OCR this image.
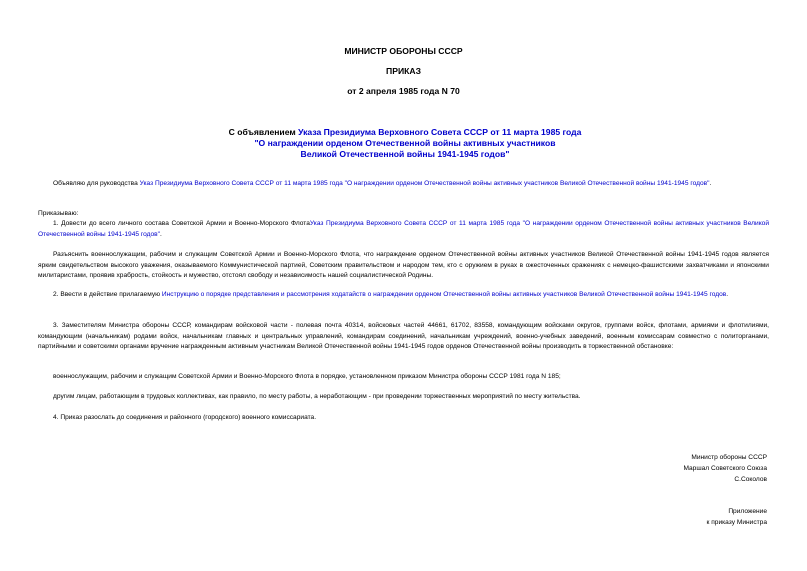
МИНИСТР ОБОРОНЫ СССР
ПРИКАЗ
от 2 апреля 1985 года N 70
С объявлением Указа Президиума Верховного Совета СССР от 11 марта 1985 года
"О награждении орденом Отечественной войны активных участников
Великой Отечественной войны 1941-1945 годов"
Объявляю для руководства Указ Президиума Верховного Совета СССР от 11 марта 1985 года "О награждении орденом Отечественной войны активных участников Великой Отечественной войны 1941-1945 годов".
Приказываю:
1. Довести до всего личного состава Советской Армии и Военно-Морского ФлотаУказ Президиума Верховного Совета СССР от 11 марта 1985 года "О награждении орденом Отечественной войны активных участников Великой Отечественной войны 1941-1945 годов".
Разъяснить военнослужащим, рабочим и служащим Советской Армии и Военно-Морского Флота, что награждение орденом Отечественной войны активных участников Великой Отечественной войны 1941-1945 годов является ярким свидетельством высокого уважения, оказываемого Коммунистической партией, Советским правительством и народом тем, кто с оружием в руках в ожесточенных сражениях с немецко-фашистскими захватчиками и японскими милитаристами, проявив храбрость, стойкость и мужество, отстоял свободу и независимость нашей социалистической Родины.
2. Ввести в действие прилагаемую Инструкцию о порядке представления и рассмотрения ходатайств о награждении орденом Отечественной войны активных участников Великой Отечественной войны 1941-1945 годов.
3. Заместителям Министра обороны СССР, командирам войсковой части - полевая почта 40314, войсковых частей 44661, 61702, 83558, командующим войсками округов, группами войск, флотами, армиями и флотилиями, командующим (начальникам) родами войск, начальникам главных и центральных управлений, командирам соединений, начальникам учреждений, военно-учебных заведений, военным комиссарам совместно с политорганами, партийными и советскими органами вручение награжденным активным участникам Великой Отечественной войны 1941-1945 годов орденов Отечественной войны производить в торжественной обстановке:
военнослужащим, рабочим и служащим Советской Армии и Военно-Морского Флота в порядке, установленном приказом Министра обороны СССР 1981 года N 185;
другим лицам, работающим в трудовых коллективах, как правило, по месту работы, а неработающим - при проведении торжественных мероприятий по месту жительства.
4. Приказ разослать до соединения и районного (городского) военного комиссариата.
Министр обороны СССР
Маршал Советского Союза
С.Соколов
Приложение
к приказу Министра
